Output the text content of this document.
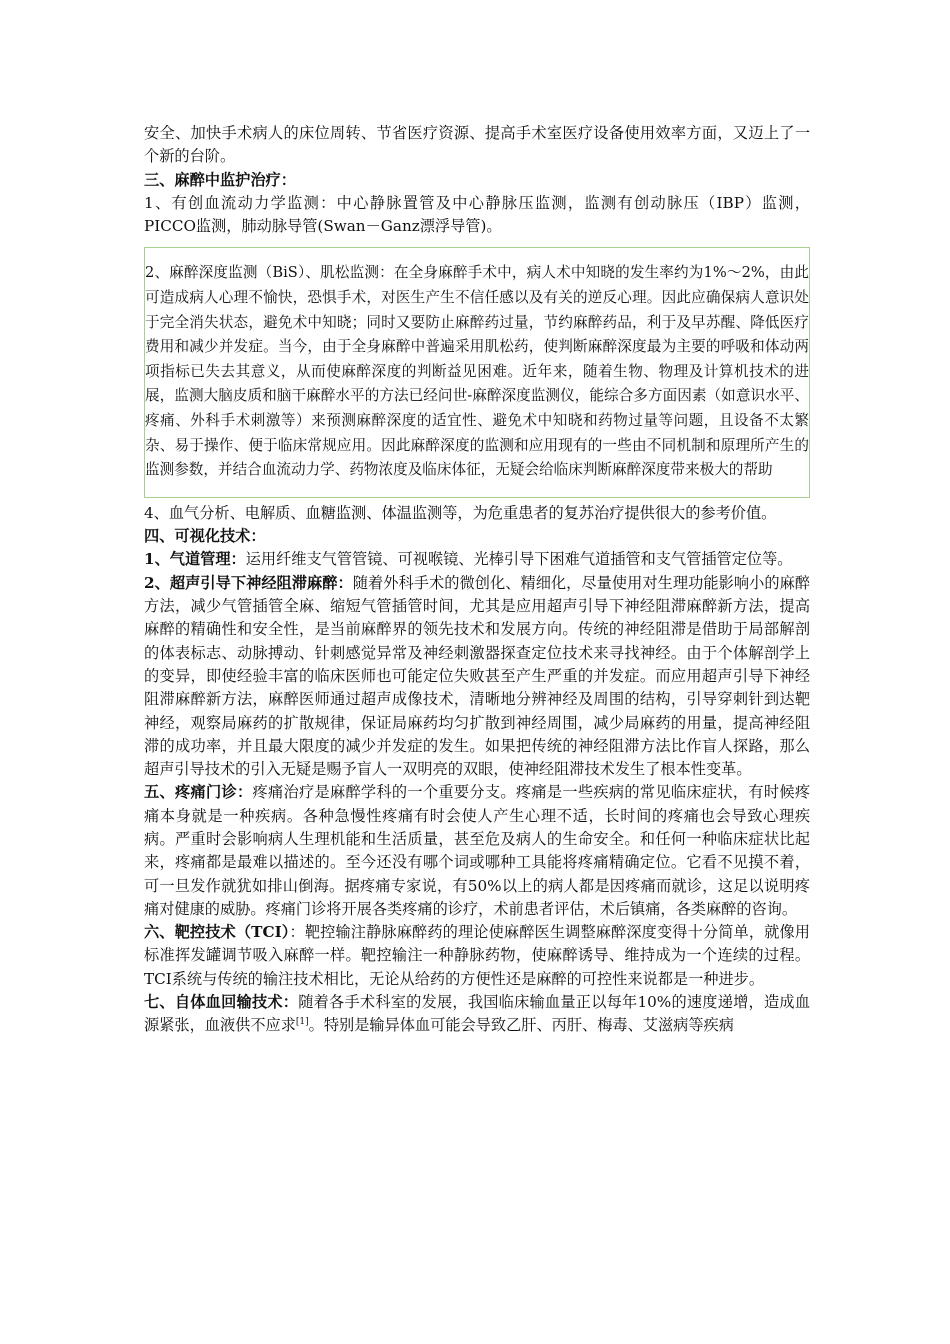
安全、加快手术病人的床位周转、节省医疗资源、提高手术室医疗设备使用效率方面，又迈上了一个新的台阶。

三、麻醉中监护治疗：

1、有创血流动力学监测：中心静脉置管及中心静脉压监测，监测有创动脉压（IBP）监测，PICCO监测，肺动脉导管(Swan－Ganz漂浮导管)。

2、麻醉深度监测（BiS）、肌松监测：在全身麻醉手术中，病人术中知晓的发生率约为1%～2%，由此可造成病人心理不愉快，恐惧手术，对医生产生不信任感以及有关的逆反心理。因此应确保病人意识处于完全消失状态，避免术中知晓；同时又要防止麻醉药过量，节约麻醉药品，利于及早苏醒、降低医疗费用和减少并发症。当今，由于全身麻醉中普遍采用肌松药，使判断麻醉深度最为主要的呼吸和体动两项指标已失去其意义，从而使麻醉深度的判断益见困难。近年来，随着生物、物理及计算机技术的进展，监测大脑皮质和脑干麻醉水平的方法已经问世-麻醉深度监测仪，能综合多方面因素（如意识水平、疼痛、外科手术刺激等）来预测麻醉深度的适宜性、避免术中知晓和药物过量等问题，且设备不太繁杂、易于操作、便于临床常规应用。因此麻醉深度的监测和应用现有的一些由不同机制和原理所产生的监测参数，并结合血流动力学、药物浓度及临床体征，无疑会给临床判断麻醉深度带来极大的帮助

4、血气分析、电解质、血糖监测、体温监测等，为危重患者的复苏治疗提供很大的参考价值。

四、可视化技术：

1、气道管理：运用纤维支气管管镜、可视喉镜、光棒引导下困难气道插管和支气管插管定位等。

2、超声引导下神经阻滞麻醉：随着外科手术的微创化、精细化，尽量使用对生理功能影响小的麻醉方法，减少气管插管全麻、缩短气管插管时间，尤其是应用超声引导下神经阻滞麻醉新方法，提高麻醉的精确性和安全性，是当前麻醉界的领先技术和发展方向。传统的神经阻滞是借助于局部解剖的体表标志、动脉搏动、针刺感觉异常及神经刺激器探查定位技术来寻找神经。由于个体解剖学上的变异，即使经验丰富的临床医师也可能定位失败甚至产生严重的并发症。而应用超声引导下神经阻滞麻醉新方法，麻醉医师通过超声成像技术，清晰地分辨神经及周围的结构，引导穿刺针到达靶神经，观察局麻药的扩散规律，保证局麻药均匀扩散到神经周围，减少局麻药的用量，提高神经阻滞的成功率，并且最大限度的减少并发症的发生。如果把传统的神经阻滞方法比作盲人探路，那么超声引导技术的引入无疑是赐予盲人一双明亮的双眼，使神经阻滞技术发生了根本性变革。

五、疼痛门诊：疼痛治疗是麻醉学科的一个重要分支。疼痛是一些疾病的常见临床症状，有时候疼痛本身就是一种疾病。各种急慢性疼痛有时会使人产生心理不适，长时间的疼痛也会导致心理疾病。严重时会影响病人生理机能和生活质量，甚至危及病人的生命安全。和任何一种临床症状比起来，疼痛都是最难以描述的。至今还没有哪个词或哪种工具能将疼痛精确定位。它看不见摸不着，可一旦发作就犹如排山倒海。据疼痛专家说，有50%以上的病人都是因疼痛而就诊，这足以说明疼痛对健康的威胁。疼痛门诊将开展各类疼痛的诊疗，术前患者评估，术后镇痛，各类麻醉的咨询。

六、靶控技术（TCI）：靶控输注静脉麻醉药的理论使麻醉医生调整麻醉深度变得十分简单，就像用标准挥发罐调节吸入麻醉一样。靶控输注一种静脉药物，使麻醉诱导、维持成为一个连续的过程。TCI系统与传统的输注技术相比，无论从给药的方便性还是麻醉的可控性来说都是一种进步。

七、自体血回输技术：随着各手术科室的发展，我国临床输血量正以每年10%的速度递增，造成血源紧张，血液供不应求[1]。特别是输异体血可能会导致乙肝、丙肝、梅毒、艾滋病等疾病
